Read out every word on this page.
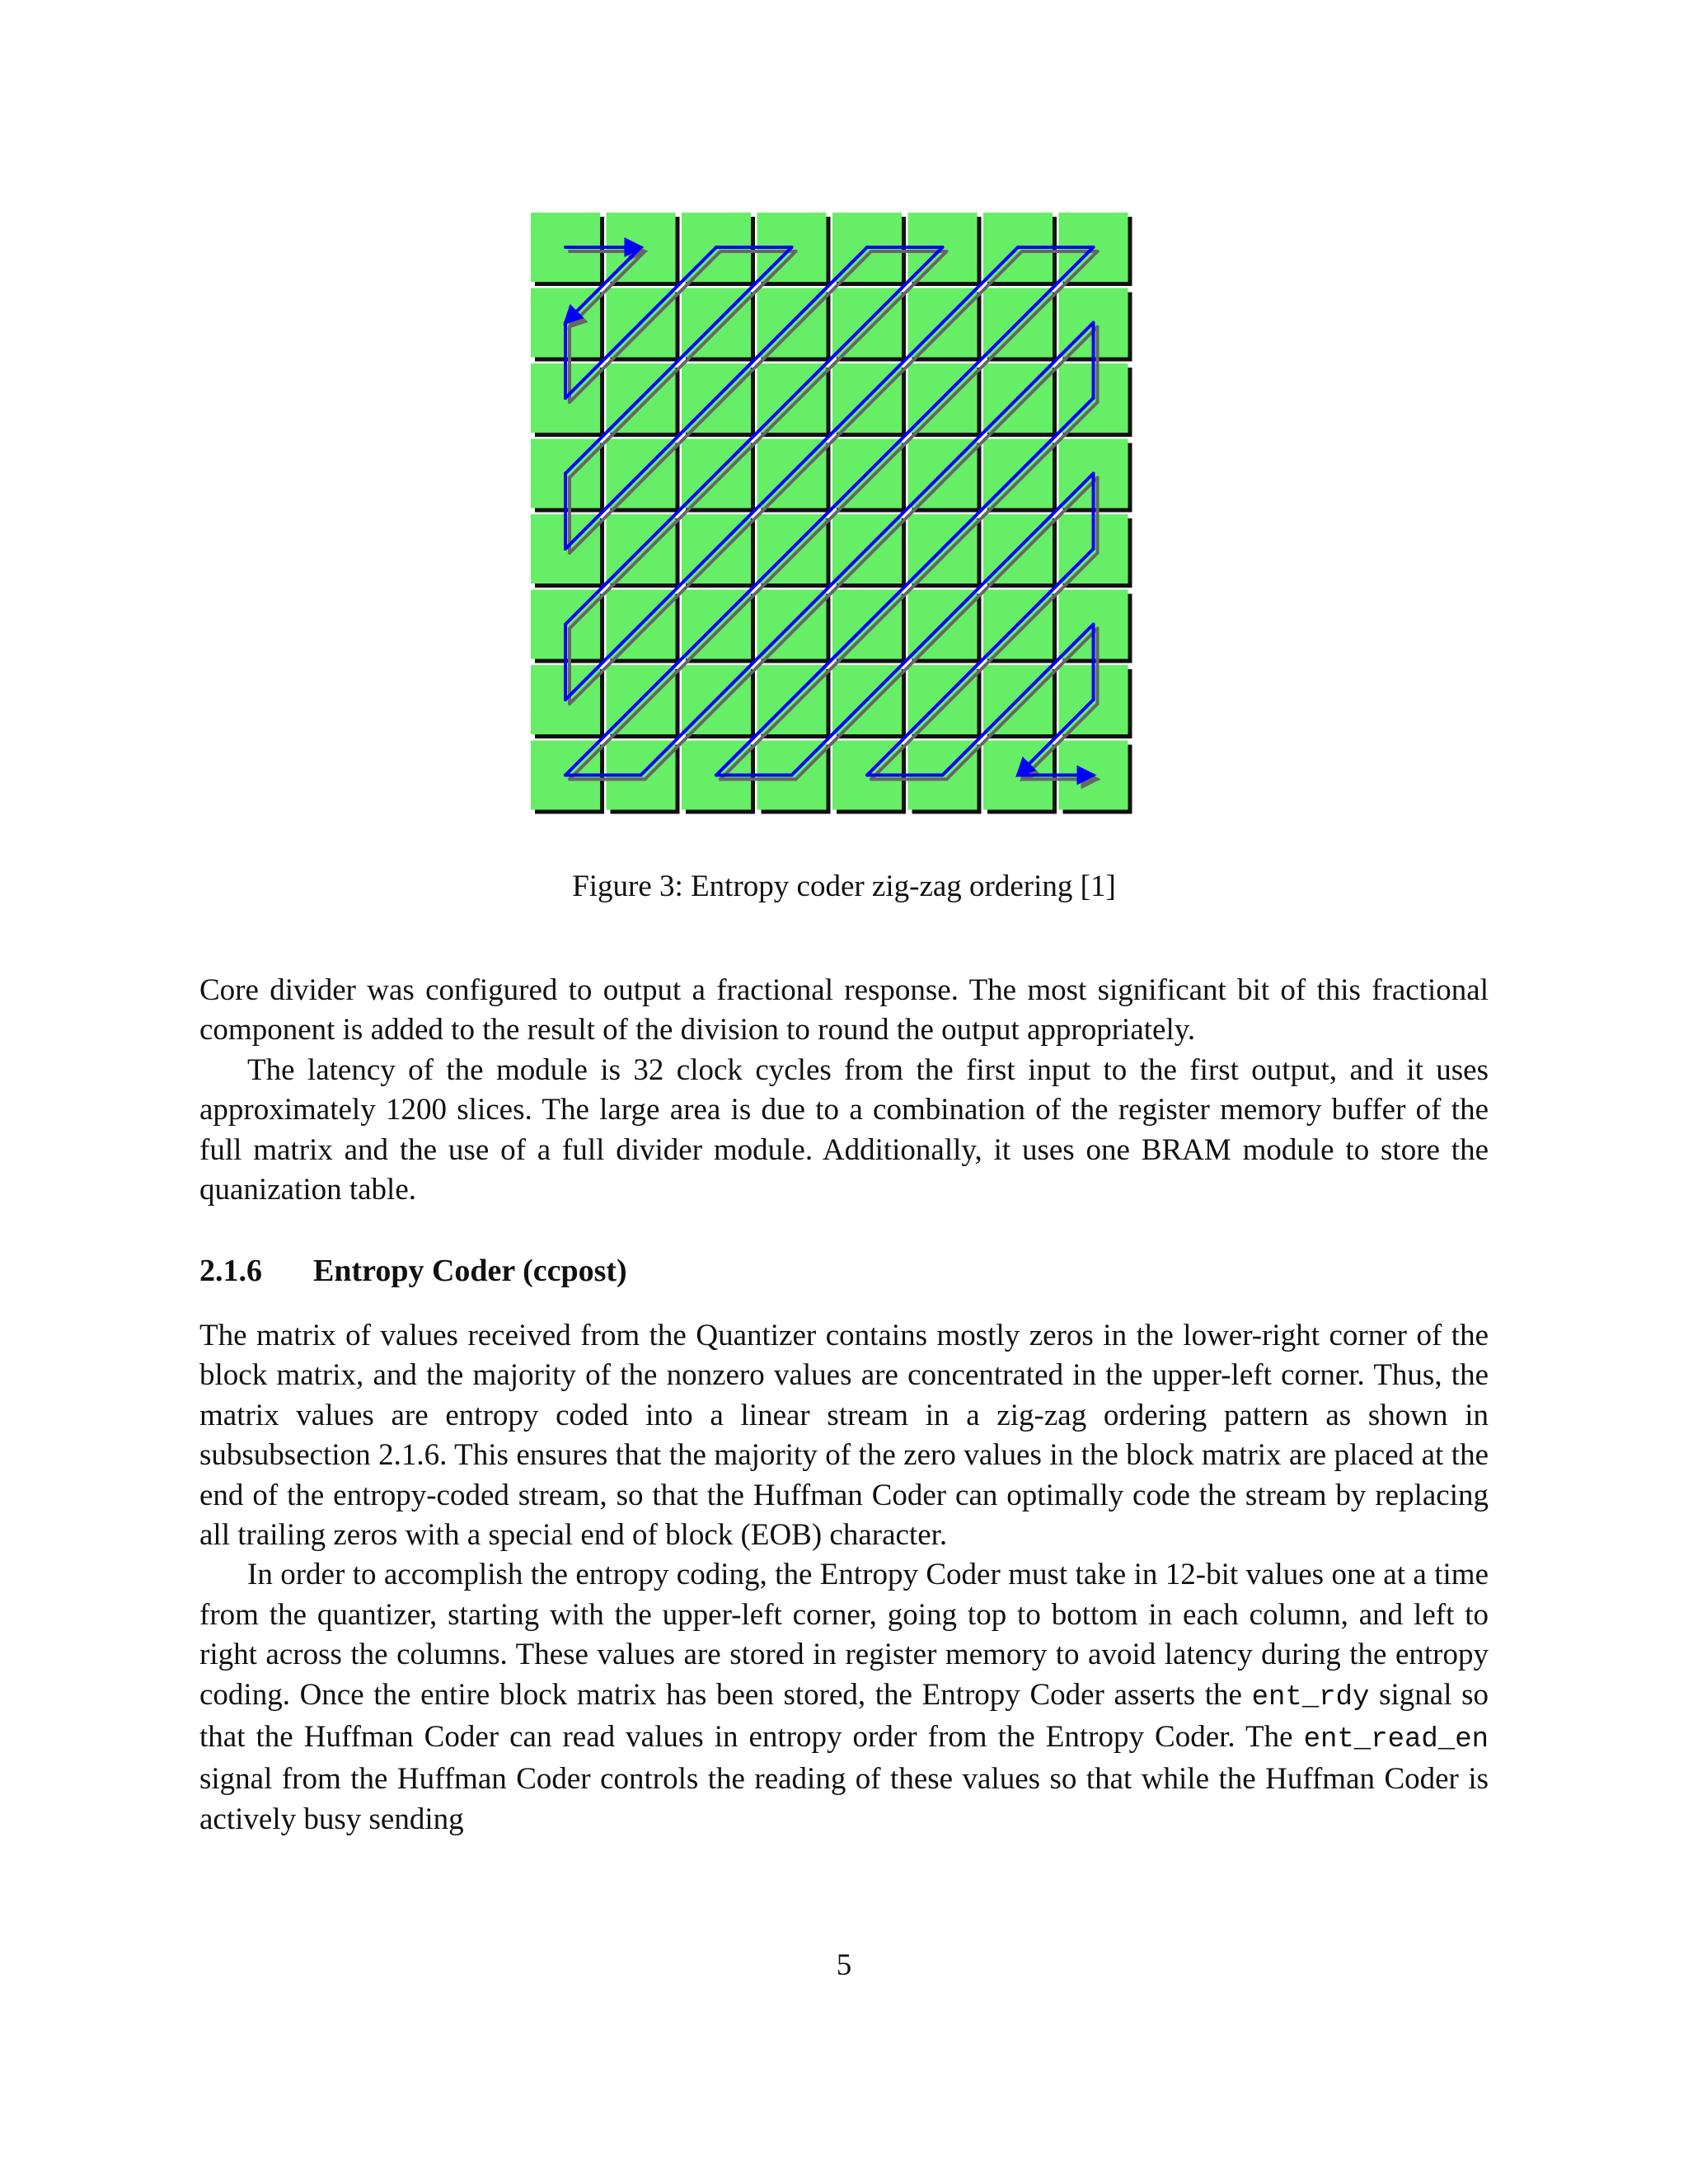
Figure 3: Entropy coder zig-zag ordering [1]

Core divider was configured to output a fractional response. The most significant bit of this fractional component is added to the result of the division to round the output appropriately.

The latency of the module is 32 clock cycles from the first input to the first output, and it uses approximately 1200 slices. The large area is due to a combination of the register memory buffer of the full matrix and the use of a full divider module. Additionally, it uses one BRAM module to store the quanization table.

2.1.6 Entropy Coder (ccpost)

The matrix of values received from the Quantizer contains mostly zeros in the lower-right corner of the block matrix, and the majority of the nonzero values are concentrated in the upper-left corner. Thus, the matrix values are entropy coded into a linear stream in a zig-zag ordering pattern as shown in subsubsection 2.1.6. This ensures that the majority of the zero values in the block matrix are placed at the end of the entropy-coded stream, so that the Huffman Coder can optimally code the stream by replacing all trailing zeros with a special end of block (EOB) character.

In order to accomplish the entropy coding, the Entropy Coder must take in 12-bit values one at a time from the quantizer, starting with the upper-left corner, going top to bottom in each column, and left to right across the columns. These values are stored in register memory to avoid latency during the entropy coding. Once the entire block matrix has been stored, the Entropy Coder asserts the ent_rdy signal so that the Huffman Coder can read values in entropy order from the Entropy Coder. The ent_read_en signal from the Huffman Coder controls the reading of these values so that while the Huffman Coder is actively busy sending

5
